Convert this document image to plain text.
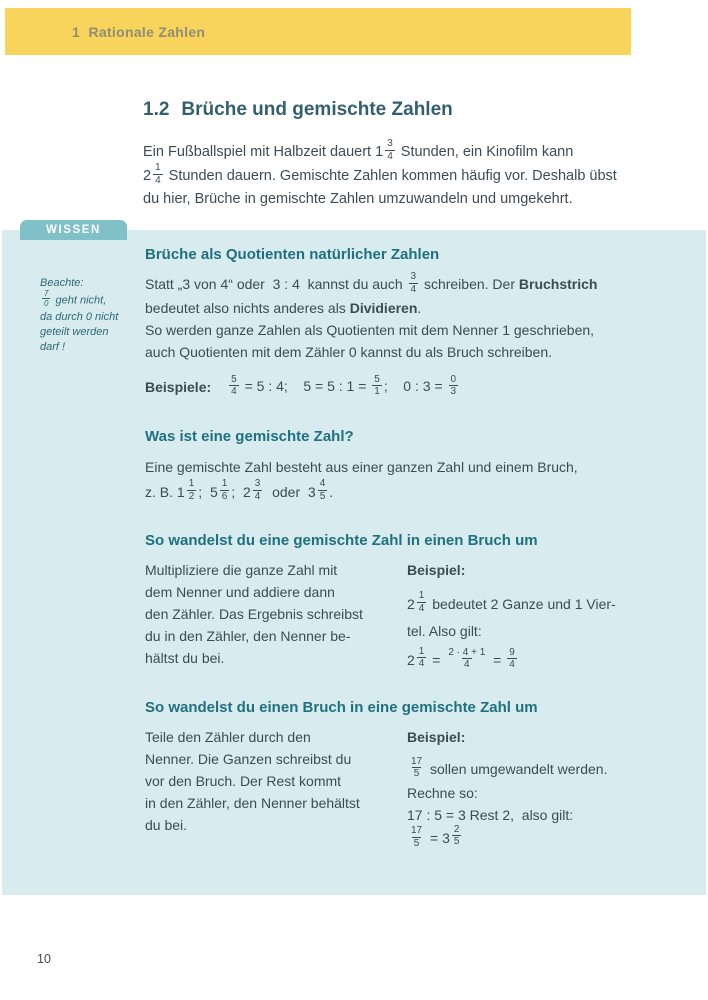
1  Rationale Zahlen
1.2 Brüche und gemischte Zahlen

Ein Fußballspiel mit Halbzeit dauert $1 \frac{3}{4}$ Stunden, ein Kinofilm kann
$2 \frac{1}{4}$ Stunden dauern. Gemischte Zahlen kommen häufig vor. Deshalb übst
du hier, Brüche in gemischte Zahlen umzuwandeln und umgekehrt.

WISSEN
Beachte:

$\frac{7}{0}$ geht nicht,
da durch 0 nicht
geteilt werden
darf !
Brüche als Quotienten natürlicher Zahlen

Statt „3 von 4“ oder  3 : 4  kannst du auch $\frac{3}{4}$ schreiben. Der Bruchstrich
bedeutet also nichts anderes als Dividieren.
So werden ganze Zahlen als Quotienten mit dem Nenner 1 geschrieben,
auch Quotienten mit dem Zähler 0 kannst du als Bruch schreiben.

Beispiele: $\frac{5}{4} = 5$ : 4;    5 = 5 : $1 = \frac{5}{1}$ ;    0 : $3 = \frac{0}{3}$
Was ist eine gemischte Zahl?

Eine gemischte Zahl besteht aus einer ganzen Zahl und einem Bruch,
z. B. $1 \frac{1}{2}$ ;  $5 \frac{1}{6}$ ;  $2 \frac{3}{4}$ oder  $3 \frac{4}{5}$ .

So wandelst du eine gemischte Zahl in einen Bruch um
Multipliziere die ganze Zahl mit
dem Nenner und addiere dann
den Zähler. Das Ergebnis schreibst
du in den Zähler, den Nenner be-
hältst du bei.

Beispiel:

$2 \frac{1}{4}$ bedeutet 2 Ganze und 1 Vier-
tel. Also gilt:
$2 \frac{1}{4} = \frac{2 \cdot 4 + 1}{4} = \frac{9}{4}$
So wandelst du einen Bruch in eine gemischte Zahl um
Teile den Zähler durch den
Nenner. Die Ganzen schreibst du
vor den Bruch. Der Rest kommt
in den Zähler, den Nenner behältst
du bei.

Beispiel:

$\frac{17}{5}$ sollen umgewandelt werden.
Rechne so:
17 : 5 = 3 Rest 2,  also gilt:
$\frac{17}{5} = 3 \frac{2}{5}$
10
